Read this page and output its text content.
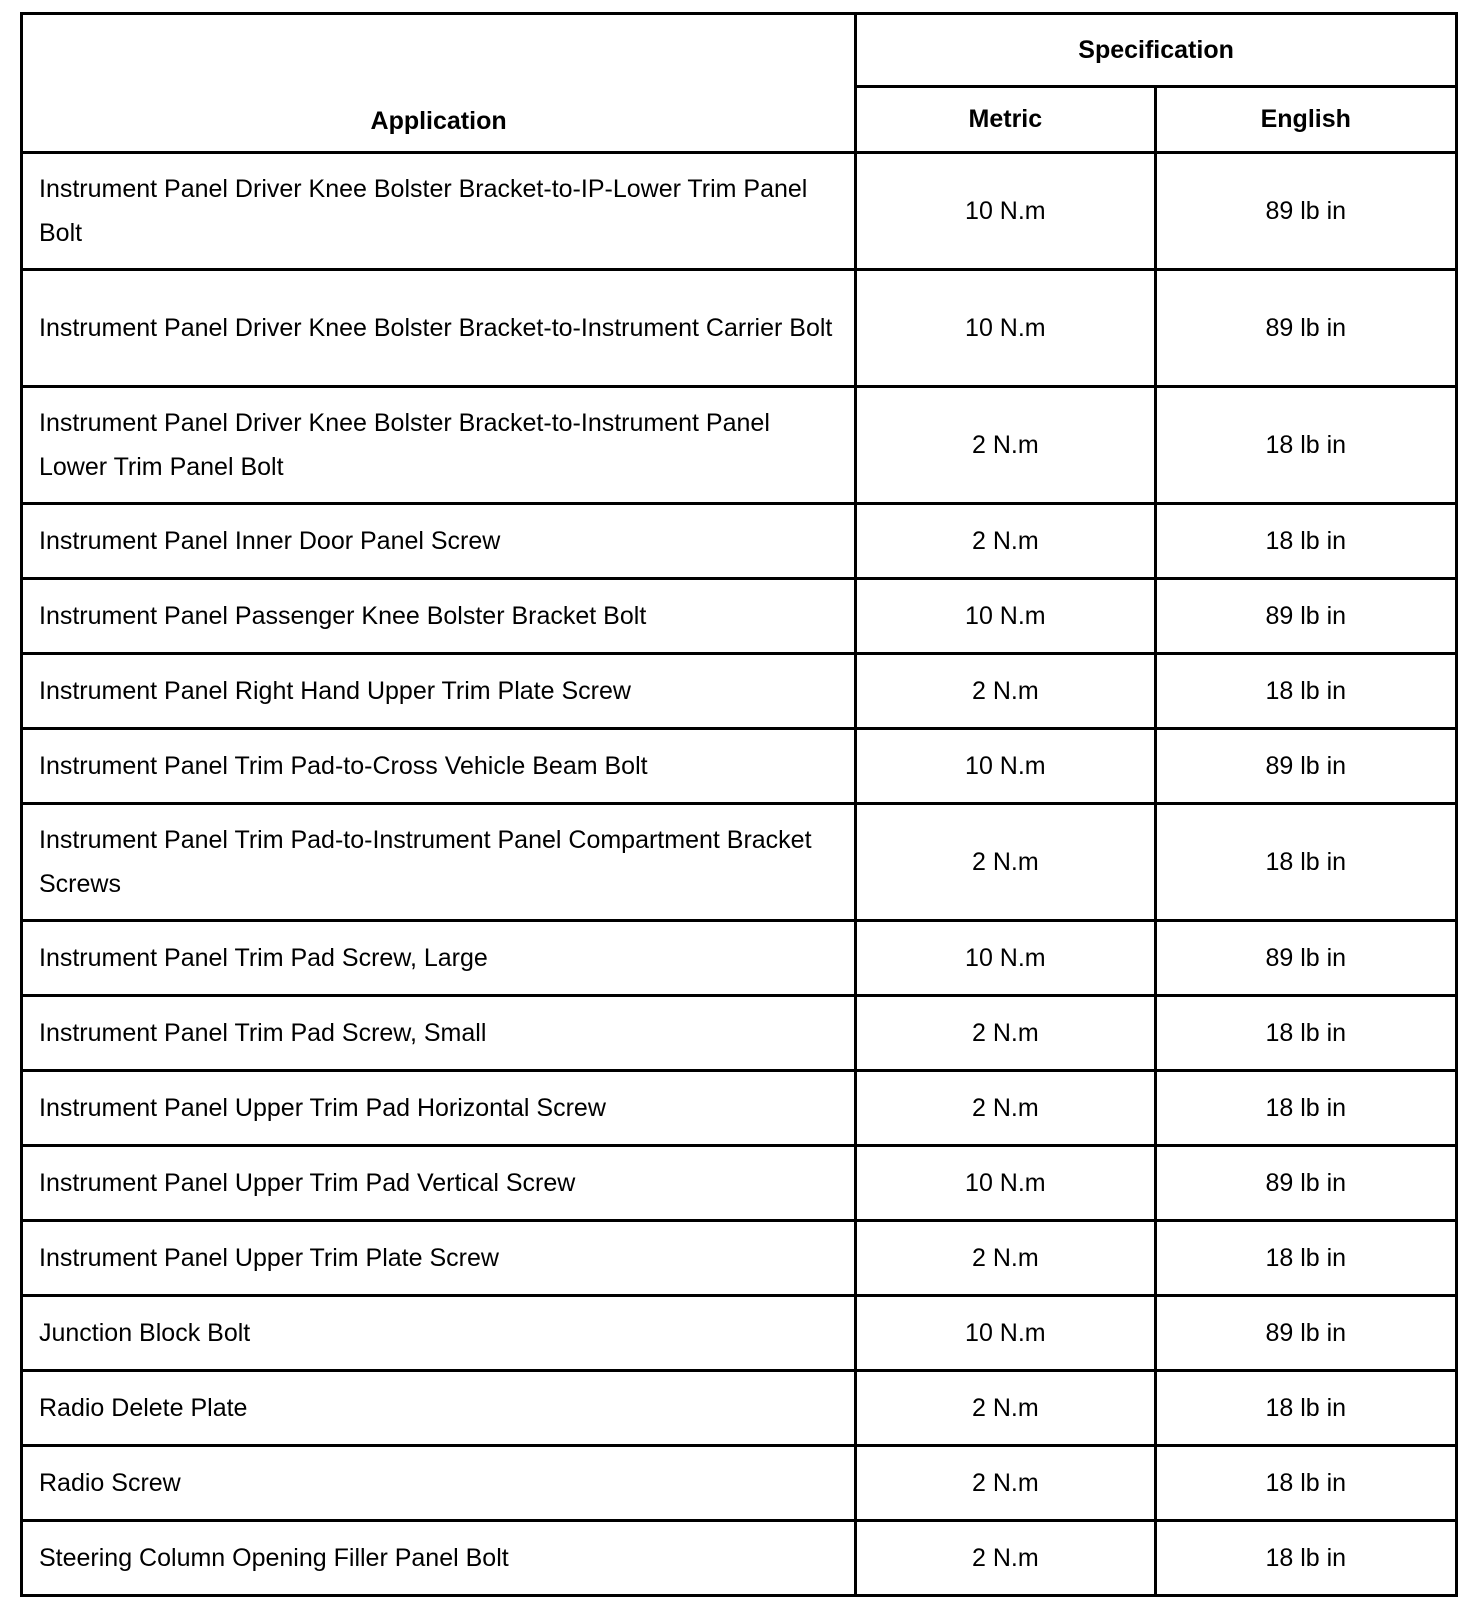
Application	Specification	
	Metric	English
Instrument Panel Driver Knee Bolster Bracket-to-IP-Lower Trim Panel Bolt	10 N.m	89 lb in
Instrument Panel Driver Knee Bolster Bracket-to-Instrument Carrier Bolt	10 N.m	89 lb in
Instrument Panel Driver Knee Bolster Bracket-to-Instrument Panel Lower Trim Panel Bolt	2 N.m	18 lb in
Instrument Panel Inner Door Panel Screw	2 N.m	18 lb in
Instrument Panel Passenger Knee Bolster Bracket Bolt	10 N.m	89 lb in
Instrument Panel Right Hand Upper Trim Plate Screw	2 N.m	18 lb in
Instrument Panel Trim Pad-to-Cross Vehicle Beam Bolt	10 N.m	89 lb in
Instrument Panel Trim Pad-to-Instrument Panel Compartment Bracket Screws	2 N.m	18 lb in
Instrument Panel Trim Pad Screw, Large	10 N.m	89 lb in
Instrument Panel Trim Pad Screw, Small	2 N.m	18 lb in
Instrument Panel Upper Trim Pad Horizontal Screw	2 N.m	18 lb in
Instrument Panel Upper Trim Pad Vertical Screw	10 N.m	89 lb in
Instrument Panel Upper Trim Plate Screw	2 N.m	18 lb in
Junction Block Bolt	10 N.m	89 lb in
Radio Delete Plate	2 N.m	18 lb in
Radio Screw	2 N.m	18 lb in
Steering Column Opening Filler Panel Bolt	2 N.m	18 lb in
